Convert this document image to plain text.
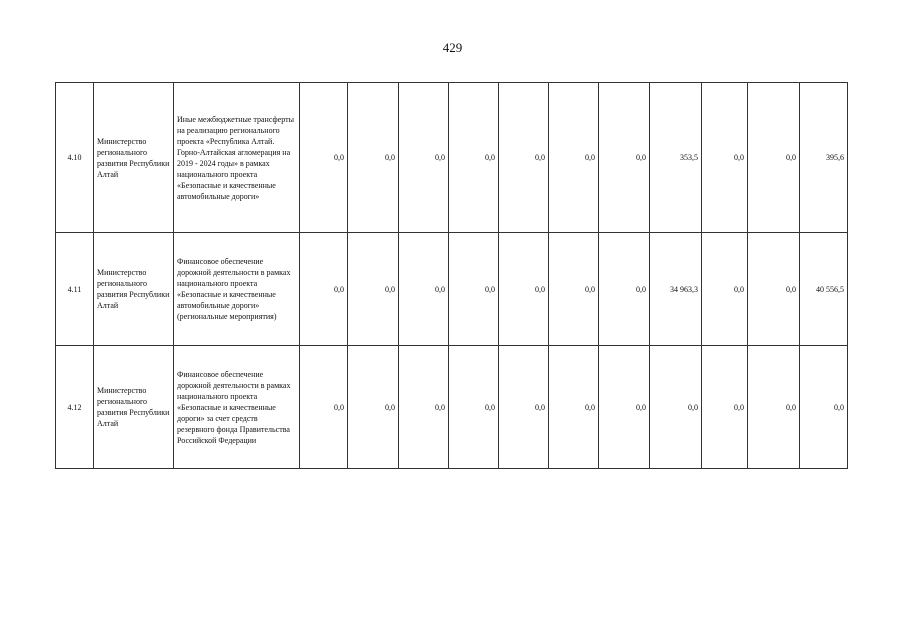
429
4.10	Министерство регионального развития Республики Алтай	Иные межбюджетные трансферты на реализацию регионального проекта «Республика Алтай. Горно-Алтайская агломерация на 2019 - 2024 годы» в рамках национального проекта «Безопасные и качественные автомобильные дороги»	0,0	0,0	0,0	0,0	0,0	0,0	0,0	353,5	0,0	0,0	395,6
4.11	Министерство регионального развития Республики Алтай	Финансовое обеспечение дорожной деятельности в рамках национального проекта «Безопасные и качественные автомобильные дороги» (региональные мероприятия)	0,0	0,0	0,0	0,0	0,0	0,0	0,0	34 963,3	0,0	0,0	40 556,5
4.12	Министерство регионального развития Республики Алтай	Финансовое обеспечение дорожной деятельности в рамках национального проекта «Безопасные и качественные дороги» за счет средств резервного фонда Правительства Российской Федерации	0,0	0,0	0,0	0,0	0,0	0,0	0,0	0,0	0,0	0,0	0,0
